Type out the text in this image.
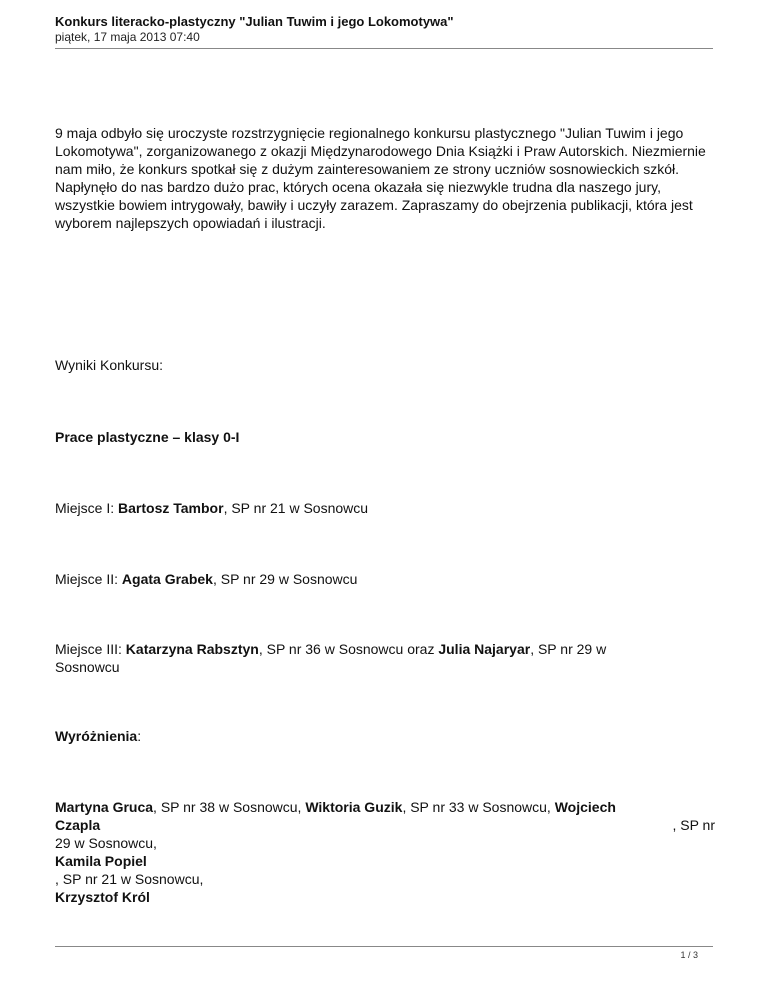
Konkurs literacko-plastyczny "Julian Tuwim i jego Lokomotywa"
piątek, 17 maja 2013 07:40
9 maja odbyło się uroczyste rozstrzygnięcie regionalnego konkursu plastycznego "Julian Tuwim i jego Lokomotywa", zorganizowanego z okazji Międzynarodowego Dnia Książki i Praw Autorskich. Niezmiernie nam miło, że konkurs spotkał się z dużym zainteresowaniem ze strony uczniów sosnowieckich szkół. Napłynęło do nas bardzo dużo prac, których ocena okazała się niezwykle trudna dla naszego jury, wszystkie bowiem intrygowały, bawiły i uczyły zarazem. Zapraszamy do obejrzenia publikacji, która jest wyborem najlepszych opowiadań i ilustracji.
Wyniki Konkursu:
Prace plastyczne – klasy 0-I
Miejsce I: Bartosz Tambor, SP nr 21 w Sosnowcu
Miejsce II: Agata Grabek, SP nr 29 w Sosnowcu
Miejsce III: Katarzyna Rabsztyn, SP nr 36 w Sosnowcu oraz Julia Najaryar, SP nr 29 w
Sosnowcu
Wyróżnienia:
Martyna Gruca, SP nr 38 w Sosnowcu, Wiktoria Guzik, SP nr 33 w Sosnowcu, Wojciech
Czapla	, SP nr
29 w Sosnowcu,
Kamila Popiel
, SP nr 21 w Sosnowcu,
Krzysztof Król
1 / 3
